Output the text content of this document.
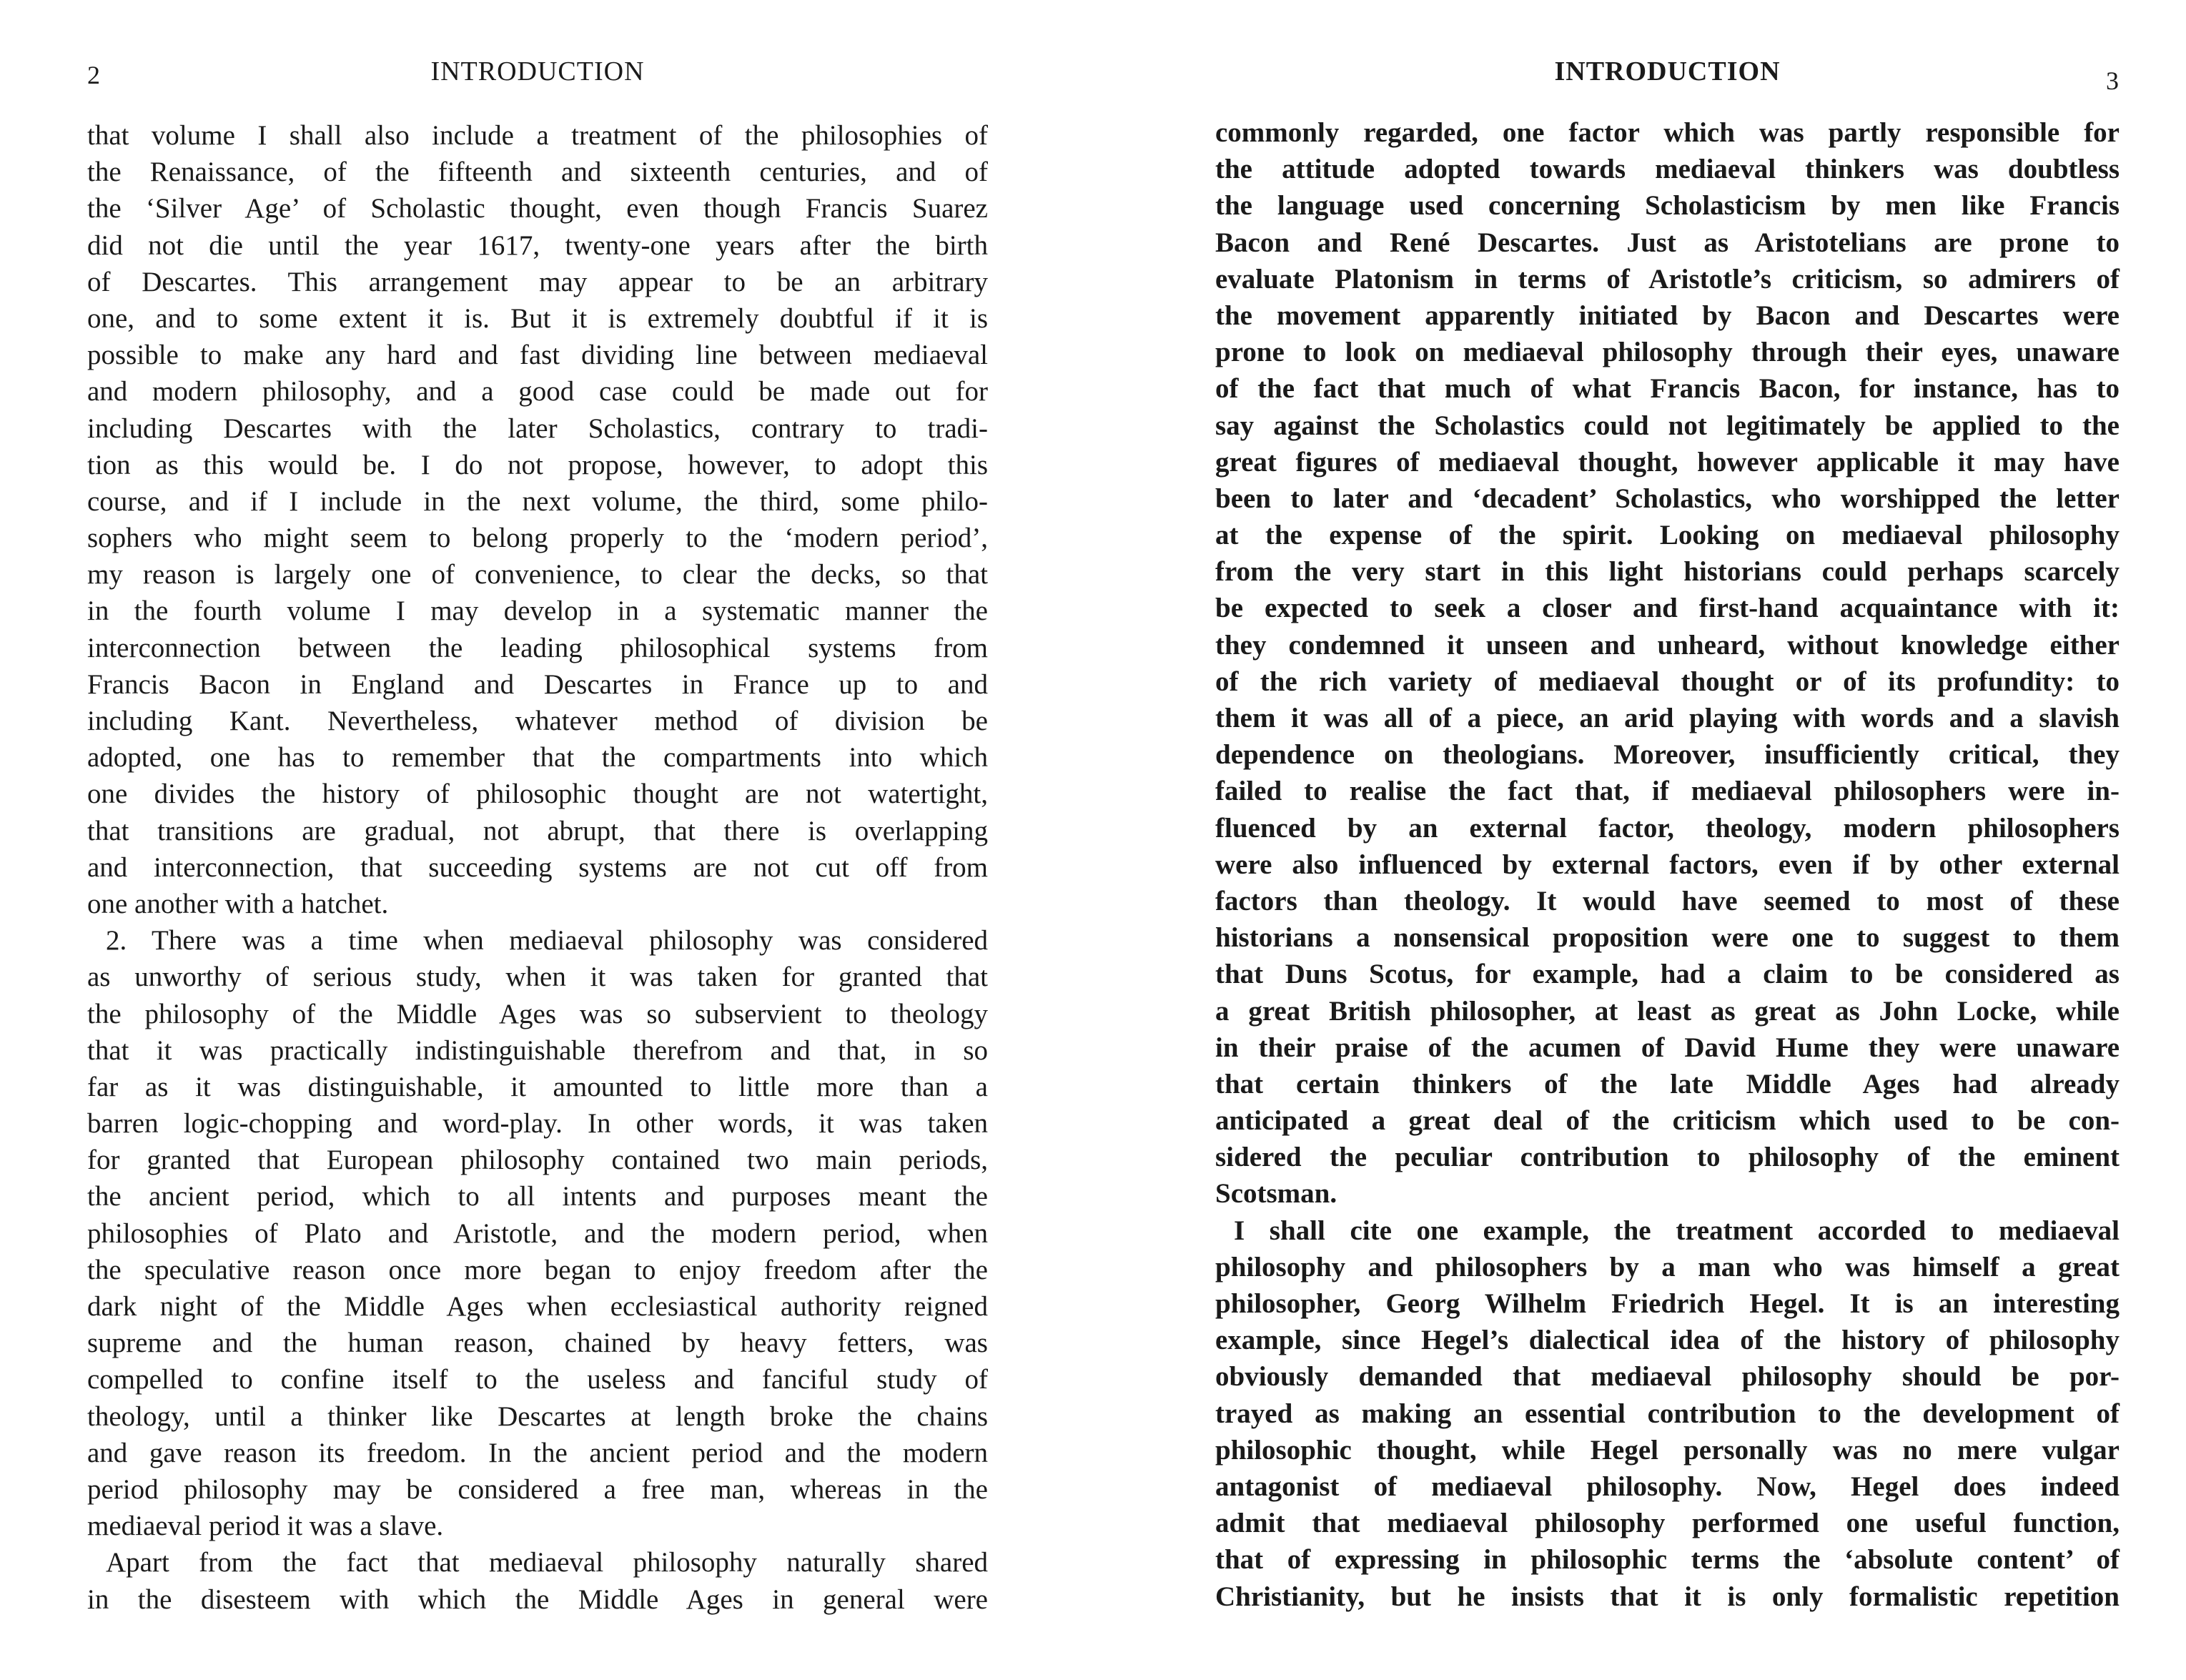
2	INTRODUCTION
that volume I shall also include a treatment of the philosophies of
the Renaissance, of the fifteenth and sixteenth centuries, and of
the ‘Silver Age’ of Scholastic thought, even though Francis Suarez
did not die until the year 1617, twenty-one years after the birth
of Descartes. This arrangement may appear to be an arbitrary
one, and to some extent it is. But it is extremely doubtful if it is
possible to make any hard and fast dividing line between mediaeval
and modern philosophy, and a good case could be made out for
including Descartes with the later Scholastics, contrary to tradi-
tion as this would be. I do not propose, however, to adopt this
course, and if I include in the next volume, the third, some philo-
sophers who might seem to belong properly to the ‘modern period’,
my reason is largely one of convenience, to clear the decks, so that
in the fourth volume I may develop in a systematic manner the
interconnection between the leading philosophical systems from
Francis Bacon in England and Descartes in France up to and
including Kant. Nevertheless, whatever method of division be
adopted, one has to remember that the compartments into which
one divides the history of philosophic thought are not watertight,
that transitions are gradual, not abrupt, that there is overlapping
and interconnection, that succeeding systems are not cut off from
one another with a hatchet.
2. There was a time when mediaeval philosophy was considered
as unworthy of serious study, when it was taken for granted that
the philosophy of the Middle Ages was so subservient to theology
that it was practically indistinguishable therefrom and that, in so
far as it was distinguishable, it amounted to little more than a
barren logic-chopping and word-play. In other words, it was taken
for granted that European philosophy contained two main periods,
the ancient period, which to all intents and purposes meant the
philosophies of Plato and Aristotle, and the modern period, when
the speculative reason once more began to enjoy freedom after the
dark night of the Middle Ages when ecclesiastical authority reigned
supreme and the human reason, chained by heavy fetters, was
compelled to confine itself to the useless and fanciful study of
theology, until a thinker like Descartes at length broke the chains
and gave reason its freedom. In the ancient period and the modern
period philosophy may be considered a free man, whereas in the
mediaeval period it was a slave.
Apart from the fact that mediaeval philosophy naturally shared
in the disesteem with which the Middle Ages in general were
INTRODUCTION	3
commonly regarded, one factor which was partly responsible for
the attitude adopted towards mediaeval thinkers was doubtless
the language used concerning Scholasticism by men like Francis
Bacon and René Descartes. Just as Aristotelians are prone to
evaluate Platonism in terms of Aristotle’s criticism, so admirers of
the movement apparently initiated by Bacon and Descartes were
prone to look on mediaeval philosophy through their eyes, unaware
of the fact that much of what Francis Bacon, for instance, has to
say against the Scholastics could not legitimately be applied to the
great figures of mediaeval thought, however applicable it may have
been to later and ‘decadent’ Scholastics, who worshipped the letter
at the expense of the spirit. Looking on mediaeval philosophy
from the very start in this light historians could perhaps scarcely
be expected to seek a closer and first-hand acquaintance with it:
they condemned it unseen and unheard, without knowledge either
of the rich variety of mediaeval thought or of its profundity: to
them it was all of a piece, an arid playing with words and a slavish
dependence on theologians. Moreover, insufficiently critical, they
failed to realise the fact that, if mediaeval philosophers were in-
fluenced by an external factor, theology, modern philosophers
were also influenced by external factors, even if by other external
factors than theology. It would have seemed to most of these
historians a nonsensical proposition were one to suggest to them
that Duns Scotus, for example, had a claim to be considered as
a great British philosopher, at least as great as John Locke, while
in their praise of the acumen of David Hume they were unaware
that certain thinkers of the late Middle Ages had already
anticipated a great deal of the criticism which used to be con-
sidered the peculiar contribution to philosophy of the eminent
Scotsman.
I shall cite one example, the treatment accorded to mediaeval
philosophy and philosophers by a man who was himself a great
philosopher, Georg Wilhelm Friedrich Hegel. It is an interesting
example, since Hegel’s dialectical idea of the history of philosophy
obviously demanded that mediaeval philosophy should be por-
trayed as making an essential contribution to the development of
philosophic thought, while Hegel personally was no mere vulgar
antagonist of mediaeval philosophy. Now, Hegel does indeed
admit that mediaeval philosophy performed one useful function,
that of expressing in philosophic terms the ‘absolute content’ of
Christianity, but he insists that it is only formalistic repetition
